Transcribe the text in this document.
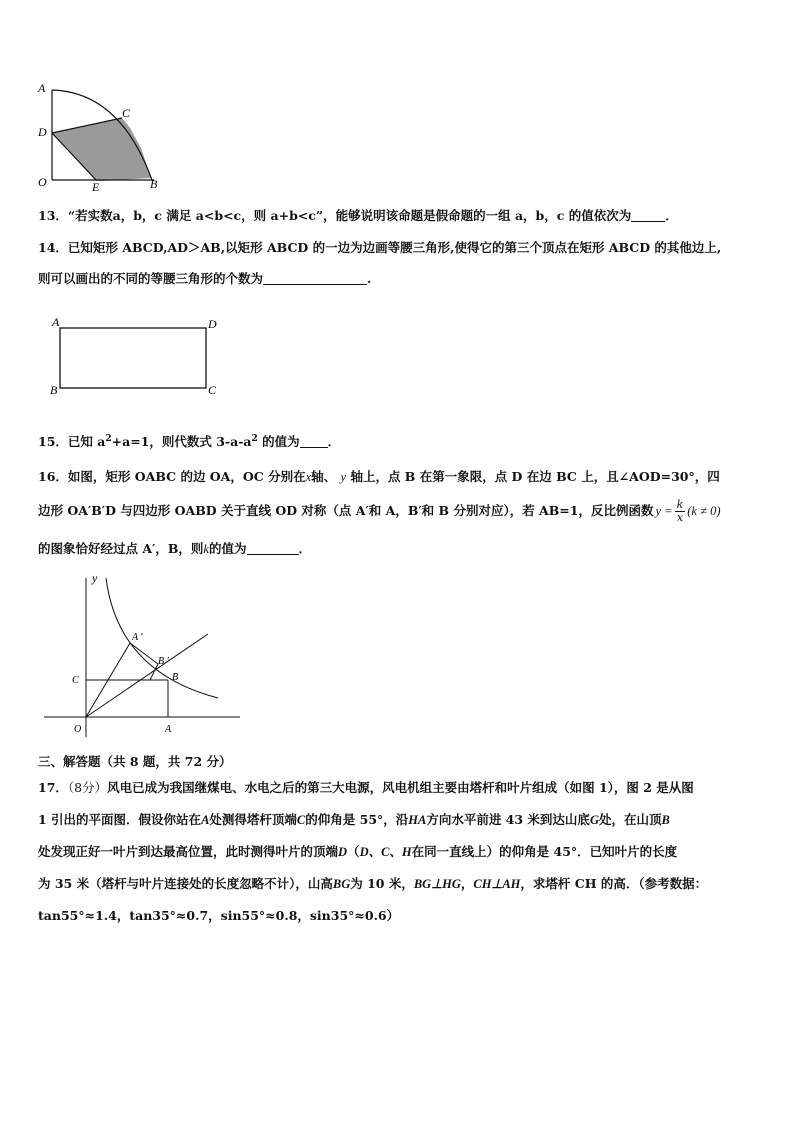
A
C
D
O	E	B
13．“若实数a，b，c 满足 a<b<c，则 a+b<c”，能够说明该命题是假命题的一组 a，b，c 的值依次为	．
14．已知矩形 ABCD,AD＞AB,以矩形 ABCD 的一边为边画等腰三角形,使得它的第三个顶点在矩形 ABCD 的其他边上,
则可以画出的不同的等腰三角形的个数为	.
A	D
B	C
15．已知 $a^2+a=1$，则代数式 $3-a-a^2$ 的值为 ．
16．如图，矩形 OABC 的边 OA，OC 分别在x轴、 y 轴上，点 B 在第一象限，点 D 在边 BC 上，且∠AOD=30°，四
边形 OA′B′D 与四边形 OABD 关于直线 OD 对称（点 A′和 A，B′和 B 分别对应），若 AB=1，反比例函数 $y = \frac{k}{x} (k \ne 0)$
的图象恰好经过点 A′，B，则k的值为	．
y
A ′
B ′
C	B
O	A
三、解答题（共 8 题，共 72 分）
17．（8分）风电已成为我国继煤电、水电之后的第三大电源，风电机组主要由塔杆和叶片组成（如图 1），图 2 是从图
1 引出的平面图．假设你站在A处测得塔杆顶端C的仰角是 55°，沿HA方向水平前进 43 米到达山底G处，在山顶B
处发现正好一叶片到达最高位置，此时测得叶片的顶端D（D、C、H在同一直线上）的仰角是 45°．已知叶片的长度
为 35 米（塔杆与叶片连接处的长度忽略不计），山高BG为 10 米，BG⊥HG，CH⊥AH，求塔杆 CH 的高．（参考数据：
tan55°≈1.4，tan35°≈0.7，sin55°≈0.8，sin35°≈0.6）
